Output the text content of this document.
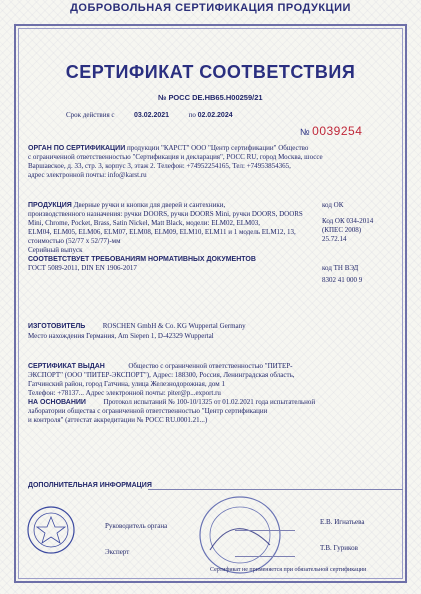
ДОБРОВОЛЬНАЯ СЕРТИФИКАЦИЯ ПРОДУКЦИИ
СЕРТИФИКАТ СООТВЕТСТВИЯ
№ РОСС DE.HB65.H00259/21
Срок действия с	03.02.2021	по 02.02.2024
№ 0039254
ОРГАН ПО СЕРТИФИКАЦИИ продукции "КАРСТ" ООО "Центр сертификации" Общество
с ограниченной ответственностью "Сертификация и декларация", РОСС RU, город Москва, шоссе
Варшавское, д. 33, стр. 3, корпус 3, этаж 2. Телефон: +74952254165, Тел: +74953854365,
адрес электронной почты: info@karst.ru
ПРОДУКЦИЯ Дверные ручки и кнопки для дверей и сантехники,
производственного назначения: ручки DOORS, ручки DOORS Mini, ручки DOORS, DOORS
Mini, Chrome, Pocket, Brass, Satin Nickel, Matt Black, модели: ELM02, ELM03,
ELM04, ELM05, ELM06, ELM07, ELM08, ELM09, ELM10, ELM11 и 1 модель ELM12, 13,
стоимостью (52/77 x 52/77)-мм
Серийный выпуск
код ОК
Код ОК 034-2014
(КПЕС 2008)
25.72.14
СООТВЕТСТВУЕТ ТРЕБОВАНИЯМ НОРМАТИВНЫХ ДОКУМЕНТОВ
ГОСТ 5089-2011, DIN EN 1906-2017	код ТН ВЭД
8302 41 000 9
ИЗГОТОВИТЕЛЬ	ROSCHEN GmbH & Co. KG Wuppertal Germany
Место нахождения Германия, Am Siepen 1, D-42329 Wuppertal
СЕРТИФИКАТ ВЫДАН	Общество с ограниченной ответственностью "ПИТЕР-
ЭКСПОРТ" (ООО "ПИТЕР-ЭКСПОРТ"), Адрес: 188300, Россия, Ленинградская область,
Гатчинский район, город Гатчина, улица Железнодорожная, дом 1
Телефон: +78137... Адрес электронной почты: piter@p...export.ru
НА ОСНОВАНИИ	Протокол испытаний № 100-10/1325 от 01.02.2021 года испытательной
лаборатории общества с ограниченной ответственностью "Центр сертификации
и контроля" (аттестат аккредитации № РОСС RU.0001.21...)
ДОПОЛНИТЕЛЬНАЯ ИНФОРМАЦИЯ
Руководитель органа	Е.В. Игнатьева
Эксперт	Т.В. Гуриков
Сертификат не применяется при обязательной сертификации
